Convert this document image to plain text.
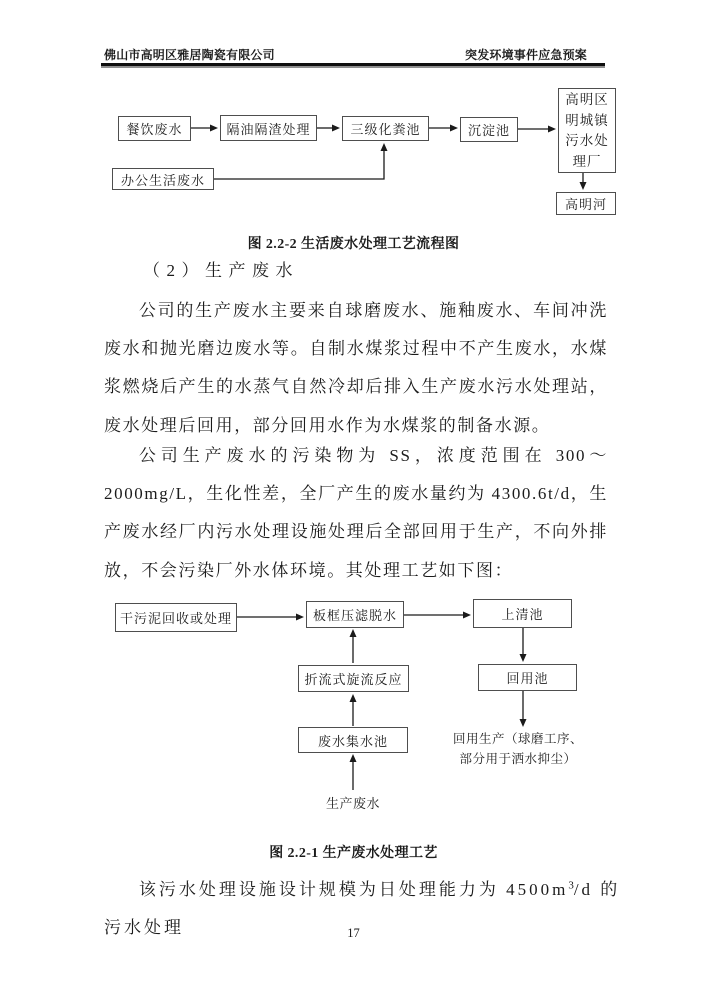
佛山市高明区雅居陶瓷有限公司	突发环境事件应急预案
餐饮废水	隔油隔渣处理	三级化粪池	沉淀池
高明区明城镇污水处理厂
高明河
办公生活废水
图 2.2-2 生活废水处理工艺流程图
（2）生产废水
公司的生产废水主要来自球磨废水、施釉废水、车间冲洗废水和抛光磨边废水等。自制水煤浆过程中不产生废水，水煤浆燃烧后产生的水蒸气自然冷却后排入生产废水污水处理站，废水处理后回用，部分回用水作为水煤浆的制备水源。
公司生产废水的污染物为 SS，浓度范围在 300～2000mg/L，生化性差，全厂产生的废水量约为 4300.6t/d，生产废水经厂内污水处理设施处理后全部回用于生产，不向外排放，不会污染厂外水体环境。其处理工艺如下图：
干污泥回收或处理	板框压滤脱水	上清池
折流式旋流反应	回用池
废水集水池
生产废水
回用生产（球磨工序、
部分用于洒水抑尘）
图 2.2-1 生产废水处理工艺
该污水处理设施设计规模为日处理能力为 $4500m^3/d$ 的污水处理	17
